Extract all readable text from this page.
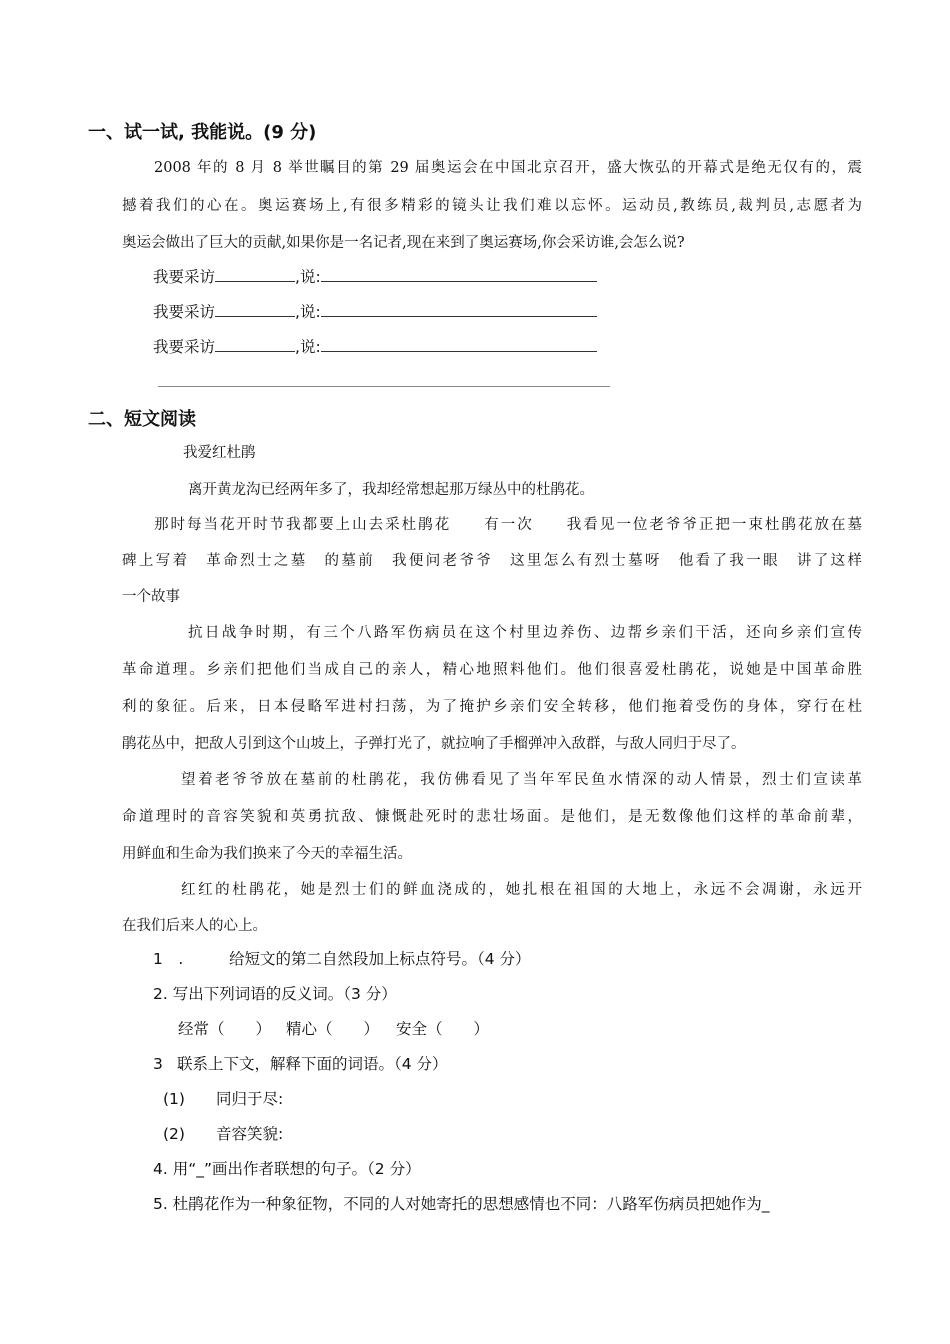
一、试一试, 我能说。(9 分)
2008 年的 8 月 8 举世瞩目的第 29 届奥运会在中国北京召开，盛大恢弘的开幕式是绝无仅有的，震
撼着我们的心在。奥运赛场上,有很多精彩的镜头让我们难以忘怀。运动员,教练员,裁判员,志愿者为
奥运会做出了巨大的贡献,如果你是一名记者,现在来到了奥运赛场,你会采访谁,会怎么说?
我要采访	,说:
我要采访	,说:
我要采访	,说:
二、短文阅读
我爱红杜鹃
离开黄龙沟已经两年多了，我却经常想起那万绿丛中的杜鹃花。
那时每当花开时节我都要上山去采杜鹃花　　有一次　　我看见一位老爷爷正把一束杜鹃花放在墓
碑上写着　革命烈士之墓　的墓前　我便问老爷爷　这里怎么有烈士墓呀　他看了我一眼　讲了这样
一个故事
抗日战争时期，有三个八路军伤病员在这个村里边养伤、边帮乡亲们干活，还向乡亲们宣传
革命道理。乡亲们把他们当成自己的亲人，精心地照料他们。他们很喜爱杜鹃花，说她是中国革命胜
利的象征。后来，日本侵略军进村扫荡，为了掩护乡亲们安全转移，他们拖着受伤的身体，穿行在杜
鹃花丛中，把敌人引到这个山坡上，子弹打光了，就拉响了手榴弹冲入敌群，与敌人同归于尽了。
望着老爷爷放在墓前的杜鹃花，我仿佛看见了当年军民鱼水情深的动人情景，烈士们宣读革
命道理时的音容笑貌和英勇抗敌、慷慨赴死时的悲壮场面。是他们，是无数像他们这样的革命前辈，
用鲜血和生命为我们换来了今天的幸福生活。
红红的杜鹃花，她是烈士们的鲜血浇成的，她扎根在祖国的大地上，永远不会凋谢，永远开
在我们后来人的心上。
1　.	给短文的第二自然段加上标点符号。（4 分）
2. 写出下列词语的反义词。（3 分）
经常（　　） 精心（　　） 安全（　　）
3　.联系上下文，解释下面的词语。（4 分）
(1) 同归于尽:
(2) 音容笑貌:
4. 用“_”画出作者联想的句子。（2 分）
5. 杜鹃花作为一种象征物，不同的人对她寄托的思想感情也不同：八路军伤病员把她作为_
